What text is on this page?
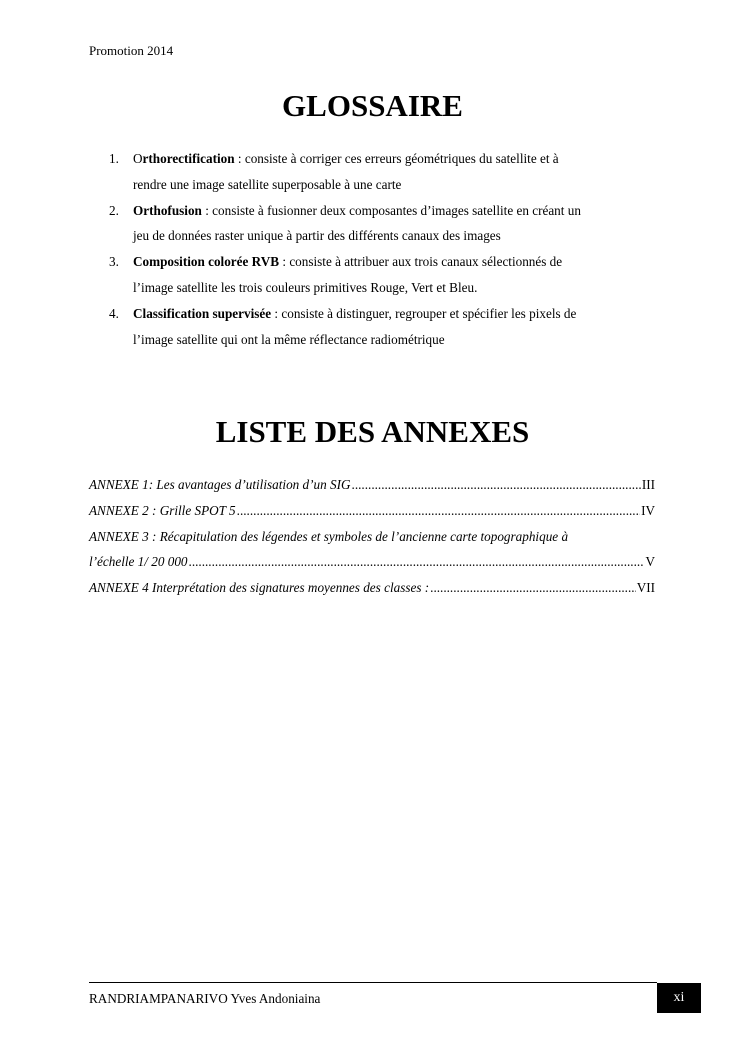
Promotion 2014
GLOSSAIRE
1. Orthorectification : consiste à corriger ces erreurs géométriques du satellite et à
rendre une image satellite superposable à une carte
2. Orthofusion : consiste à fusionner deux composantes d’images satellite en créant un
jeu de données raster unique à partir des différents canaux des images
3. Composition colorée RVB : consiste à attribuer aux trois canaux sélectionnés de
l’image satellite les trois couleurs primitives Rouge, Vert et Bleu.
4. Classification supervisée : consiste à distinguer, regrouper et spécifier les pixels de
l’image satellite qui ont la même réflectance radiométrique
LISTE DES ANNEXES
ANNEXE 1: Les avantages d’utilisation d’un SIG .....	III
ANNEXE 2 : Grille SPOT 5 .....	IV
ANNEXE 3 : Récapitulation des légendes et symboles de l’ancienne carte topographique à
l’échelle 1/ 20 000 .....	V
ANNEXE 4 Interprétation des signatures moyennes des classes : .....	VII
RANDRIAMPANARIVO Yves Andoniaina	xi
